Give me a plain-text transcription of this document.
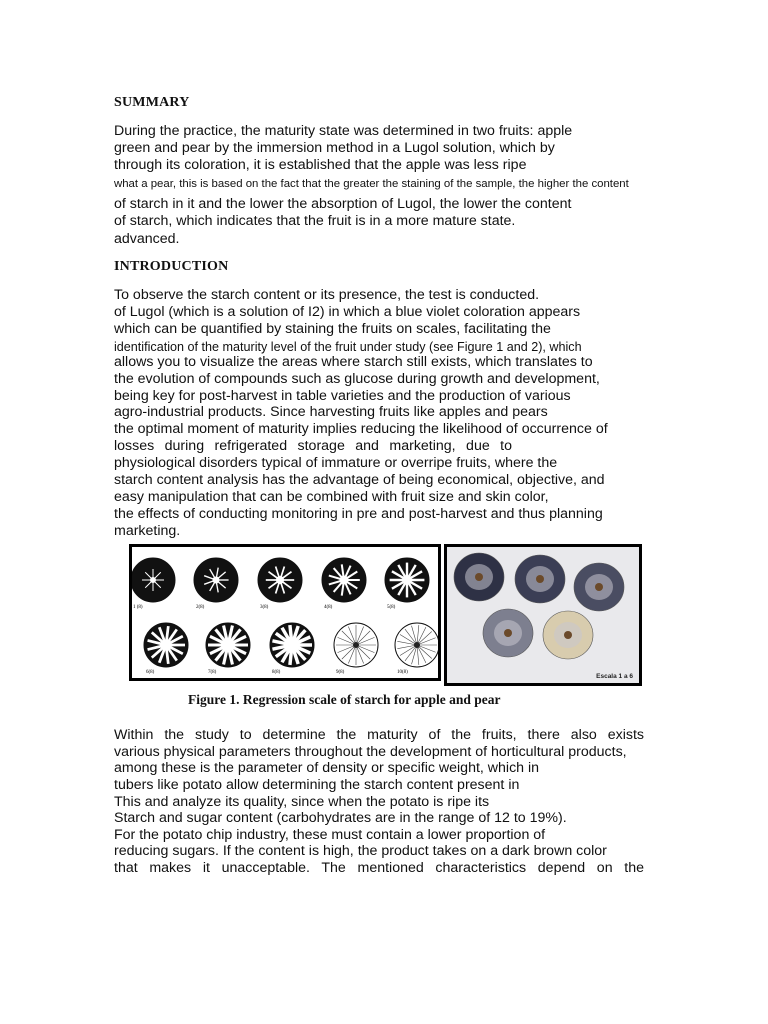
SUMMARY
During the practice, the maturity state was determined in two fruits: apple
green and pear by the immersion method in a Lugol solution, which by
through its coloration, it is established that the apple was less ripe
what a pear, this is based on the fact that the greater the staining of the sample, the higher the content
of starch in it and the lower the absorption of Lugol, the lower the content
of starch, which indicates that the fruit is in a more mature state.
advanced.
INTRODUCTION
To observe the starch content or its presence, the test is conducted.
of Lugol (which is a solution of I2) in which a blue violet coloration appears
which can be quantified by staining the fruits on scales, facilitating the
identification of the maturity level of the fruit under study (see Figure 1 and 2), which
allows you to visualize the areas where starch still exists, which translates to
the evolution of compounds such as glucose during growth and development,
being key for post-harvest in table varieties and the production of various
agro-industrial products. Since harvesting fruits like apples and pears
the optimal moment of maturity implies reducing the likelihood of occurrence of
losses during refrigerated storage and marketing, due to
physiological disorders typical of immature or overripe fruits, where the
starch content analysis has the advantage of being economical, objective, and
easy manipulation that can be combined with fruit size and skin color,
the effects of conducting monitoring in pre and post-harvest and thus planning
marketing.
1 (8)	2(8)	3(8)	4(8)	5(8)
6(8)	7(8)	8(8)	9(8)	10(8)
Escala 1 a 6
Figure 1. Regression scale of starch for apple and pear
Within the study to determine the maturity of the fruits, there also exists
various physical parameters throughout the development of horticultural products,
among these is the parameter of density or specific weight, which in
tubers like potato allow determining the starch content present in
This and analyze its quality, since when the potato is ripe its
Starch and sugar content (carbohydrates are in the range of 12 to 19%).
For the potato chip industry, these must contain a lower proportion of
reducing sugars. If the content is high, the product takes on a dark brown color
that makes it unacceptable. The mentioned characteristics depend on the
